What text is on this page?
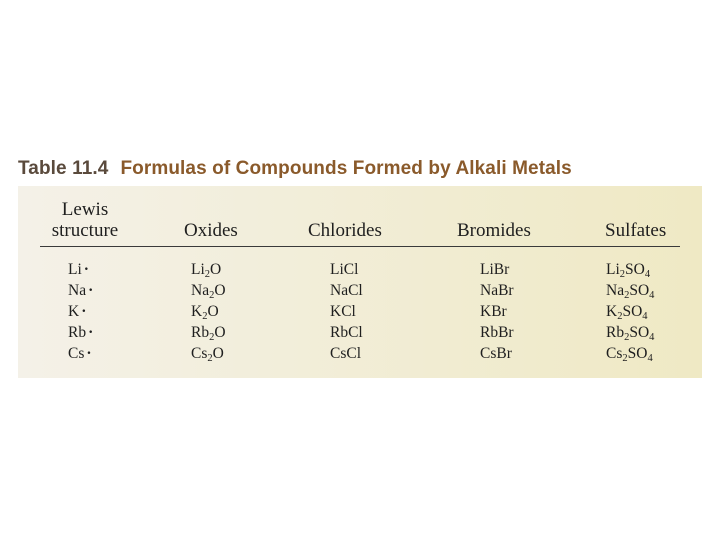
Table 11.4 Formulas of Compounds Formed by Alkali Metals
Lewis
structure	Oxides	Chlorides	Bromides	Sulfates
Li ·	$Li_2O$	LiCl	LiBr	$Li_2SO_4$
Na ·	$Na_2O$	NaCl	NaBr	$Na_2SO_4$
K ·	$K_2O$	KCl	KBr	$K_2SO_4$
Rb ·	$Rb_2O$	RbCl	RbBr	$Rb_2SO_4$
Cs ·	$Cs_2O$	CsCl	CsBr	$Cs_2SO_4$
